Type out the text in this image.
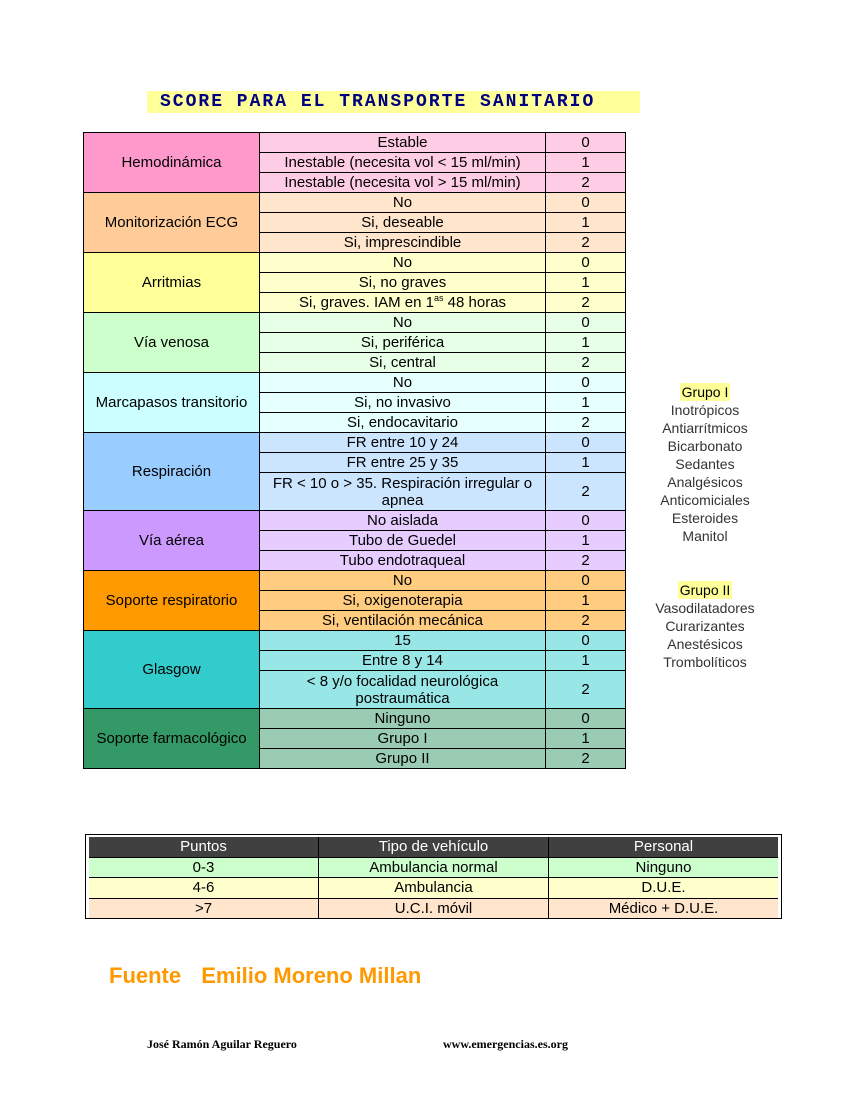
SCORE PARA EL TRANSPORTE SANITARIO
Hemodinámica
Estable	0
Inestable (necesita vol < 15 ml/min)	1
Inestable (necesita vol > 15 ml/min)	2
Monitorización ECG
No	0
Si, deseable	1
Si, imprescindible	2
Arritmias
No	0
Si, no graves	1
Si, graves. IAM en $1^{as}$ 48 horas	2
Vía venosa
No	0
Si, periférica	1
Si, central	2
Marcapasos transitorio
No	0
Si, no invasivo	1
Si, endocavitario	2
Respiración
FR entre 10 y 24	0
FR entre 25 y 35	1
FR < 10 o > 35. Respiración irregular o apnea	2
Vía aérea
No aislada	0
Tubo de Guedel	1
Tubo endotraqueal	2
Soporte respiratorio
No	0
Si, oxigenoterapia	1
Si, ventilación mecánica	2
Glasgow
15	0
Entre 8 y 14	1
< 8 y/o focalidad neurológica postraumática	2
Soporte farmacológico
Ninguno	0
Grupo I	1
Grupo II	2
Grupo I
Inotrópicos
Antiarrítmicos
Bicarbonato
Sedantes
Analgésicos
Anticomiciales
Esteroides
Manitol
Grupo II
Vasodilatadores
Curarizantes
Anestésicos
Trombolíticos
Puntos	Tipo de vehículo	Personal
0-3	Ambulancia normal	Ninguno
4-6	Ambulancia	D.U.E.
>7	U.C.I. móvil	Médico + D.U.E.
Fuente Emilio Moreno Millan
José Ramón Aguilar Reguero	www.emergencias.es.org
